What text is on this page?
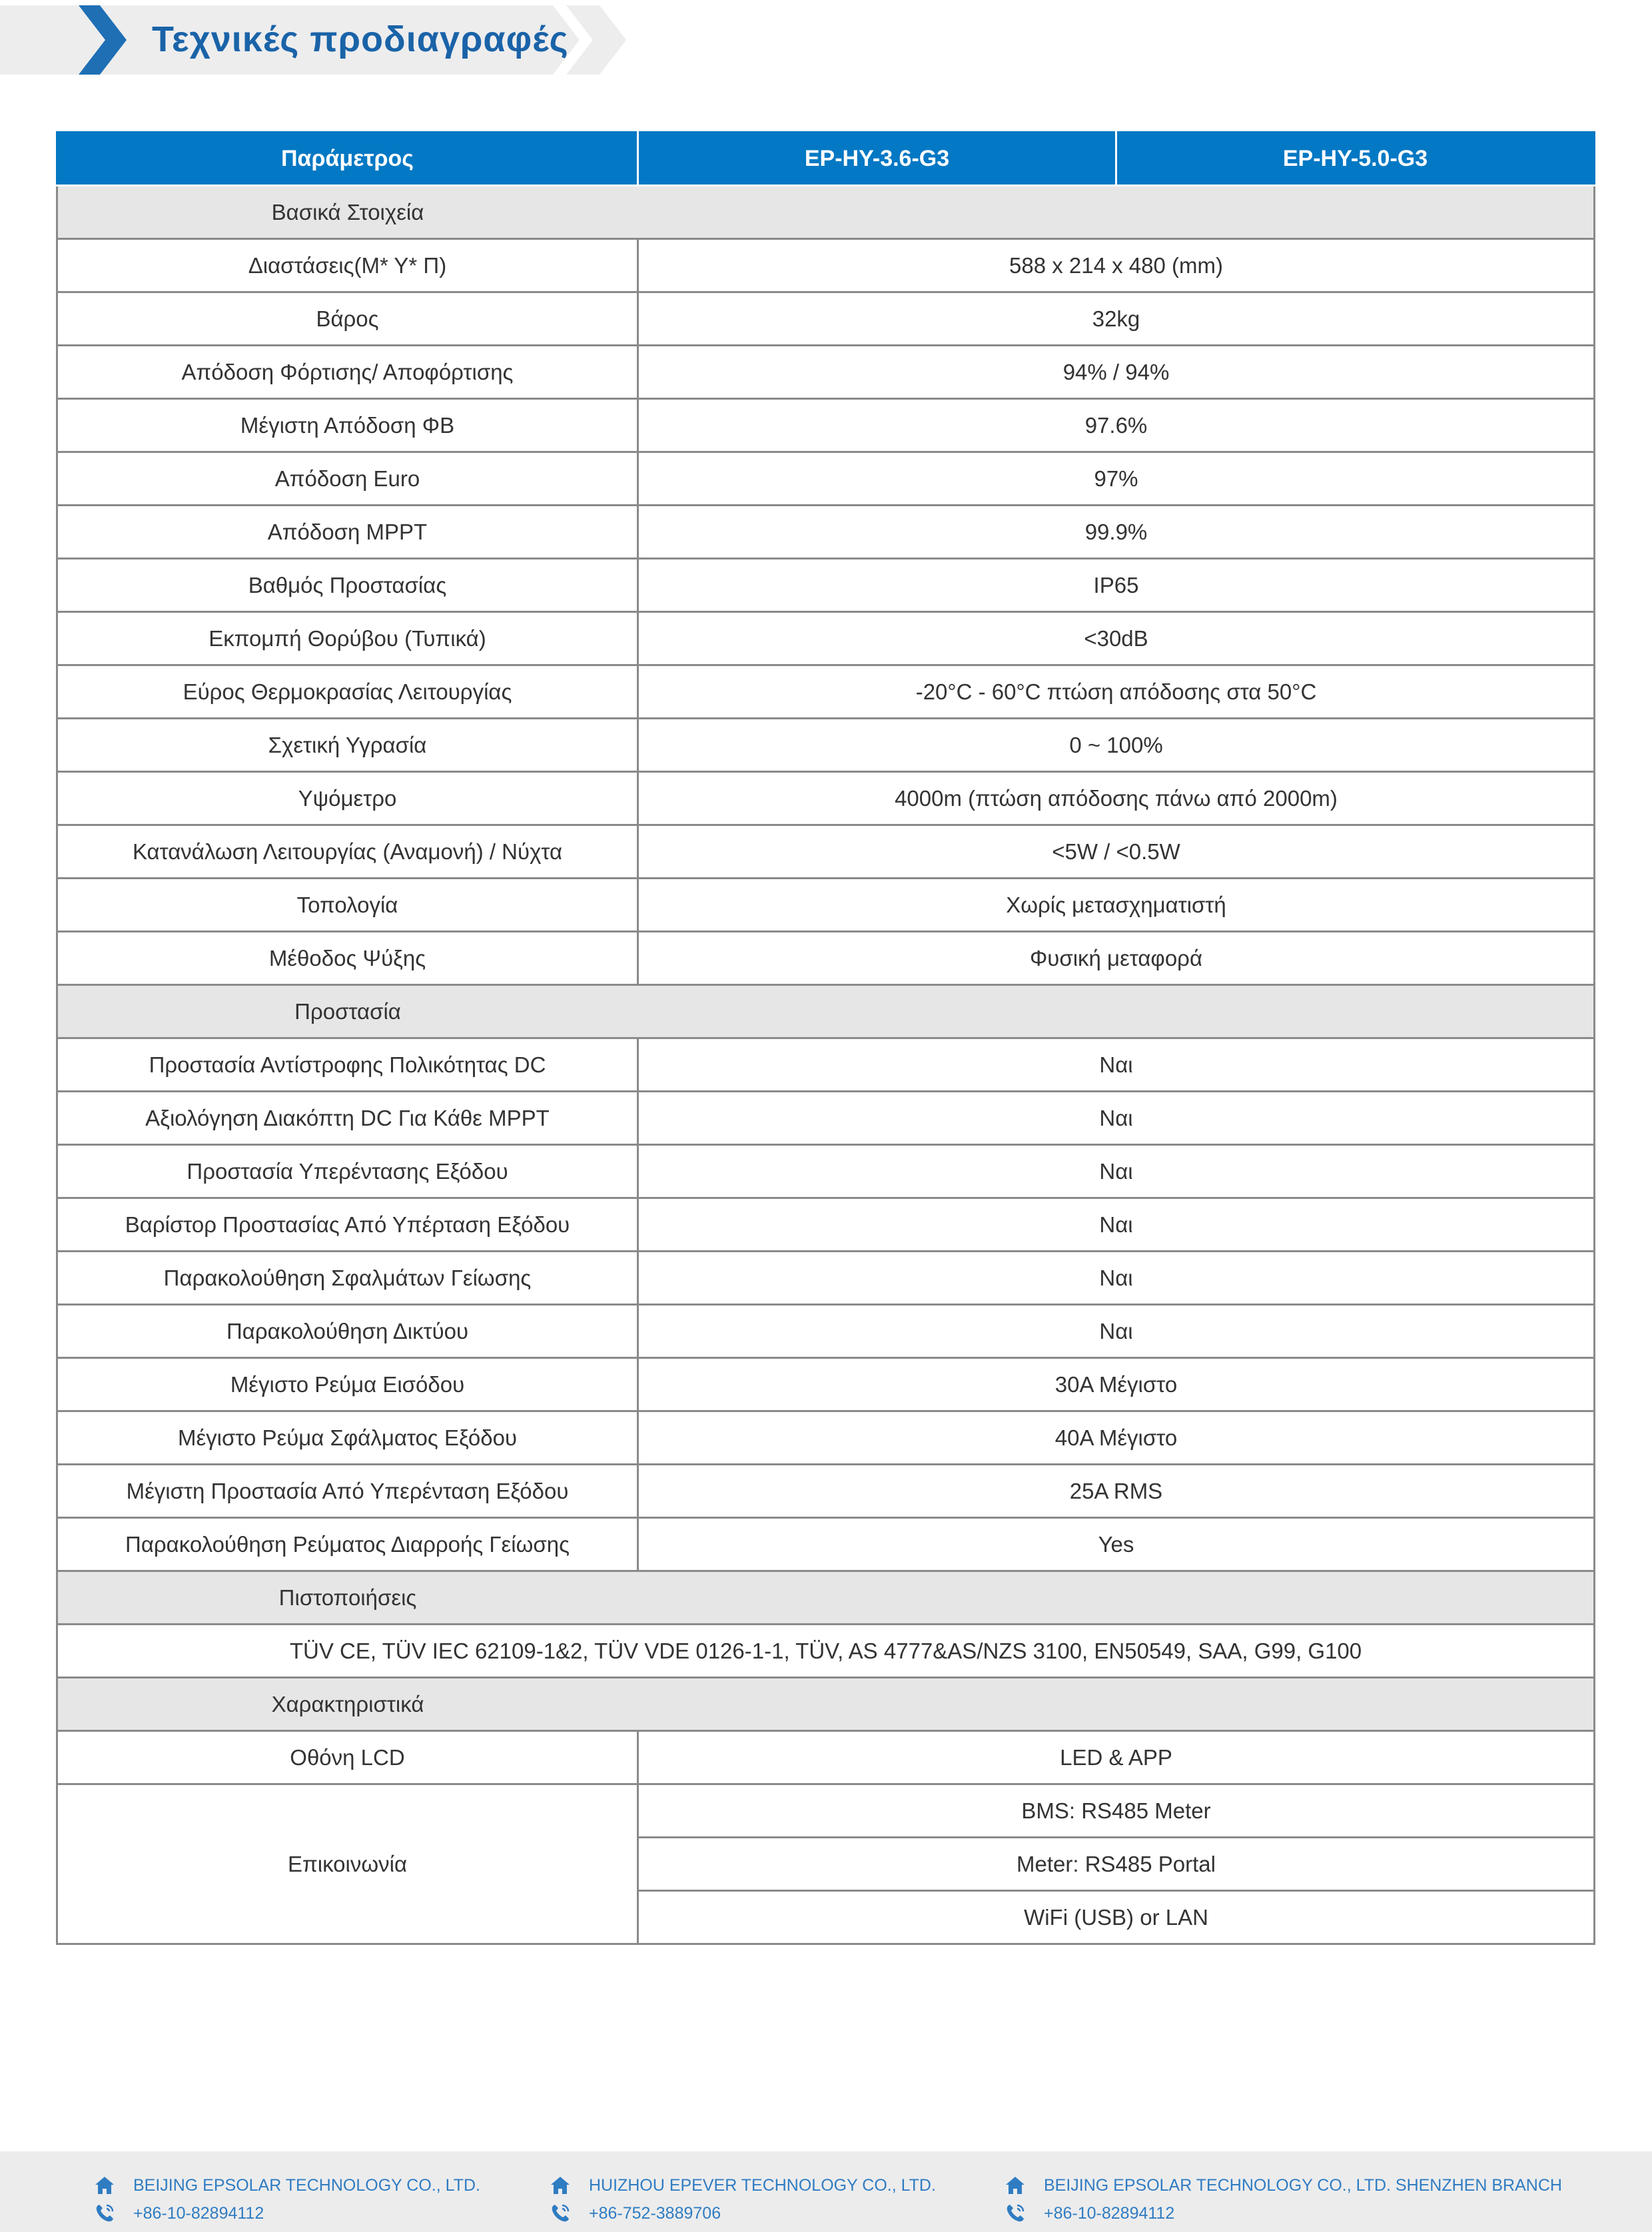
Τεχνικές προδιαγραφές
Παράμετρος	EP-HY-3.6-G3	EP-HY-5.0-G3
Βασικά Στοιχεία		
Διαστάσεις(Μ* Υ* Π)	588 x 214 x 480 (mm)	
Βάρος	32kg	
Απόδοση Φόρτισης/ Αποφόρτισης	94% / 94%	
Μέγιστη Απόδοση ΦΒ	97.6%	
Απόδοση Euro	97%	
Απόδοση MPPT	99.9%	
Βαθμός Προστασίας	IP65	
Εκπομπή Θορύβου (Τυπικά)	<30dB	
Εύρος Θερμοκρασίας Λειτουργίας	-20°C - 60°C πτώση απόδοσης στα 50°C	
Σχετική Υγρασία	0 ~ 100%	
Υψόμετρο	4000m (πτώση απόδοσης πάνω από 2000m)	
Κατανάλωση Λειτουργίας (Αναμονή) / Νύχτα	<5W / <0.5W	
Τοπολογία	Χωρίς μετασχηματιστή	
Μέθοδος Ψύξης	Φυσική μεταφορά	
Προστασία		
Προστασία Αντίστροφης Πολικότητας DC	Ναι	
Αξιολόγηση Διακόπτη DC Για Κάθε MPPT	Ναι	
Προστασία Υπερέντασης Εξόδου	Ναι	
Βαρίστορ Προστασίας Από Υπέρταση Εξόδου	Ναι	
Παρακολούθηση Σφαλμάτων Γείωσης	Ναι	
Παρακολούθηση Δικτύου	Ναι	
Μέγιστο Ρεύμα Εισόδου	30A Μέγιστο	
Μέγιστο Ρεύμα Σφάλματος Εξόδου	40A Μέγιστο	
Μέγιστη Προστασία Από Υπερένταση Εξόδου	25A RMS	
Παρακολούθηση Ρεύματος Διαρροής Γείωσης	Yes	
Πιστοποιήσεις		
TÜV CE, TÜV IEC 62109-1&2, TÜV VDE 0126-1-1, TÜV, AS 4777&AS/NZS 3100, EN50549, SAA, G99, G100		
Χαρακτηριστικά		
Οθόνη LCD	LED & APP	
Επικοινωνία	BMS: RS485 Meter	
	Meter: RS485 Portal	
	WiFi (USB) or LAN	
BEIJING EPSOLAR TECHNOLOGY CO., LTD.
+86-10-82894112
HUIZHOU EPEVER TECHNOLOGY CO., LTD.
+86-752-3889706
BEIJING EPSOLAR TECHNOLOGY CO., LTD. SHENZHEN BRANCH
+86-10-82894112
